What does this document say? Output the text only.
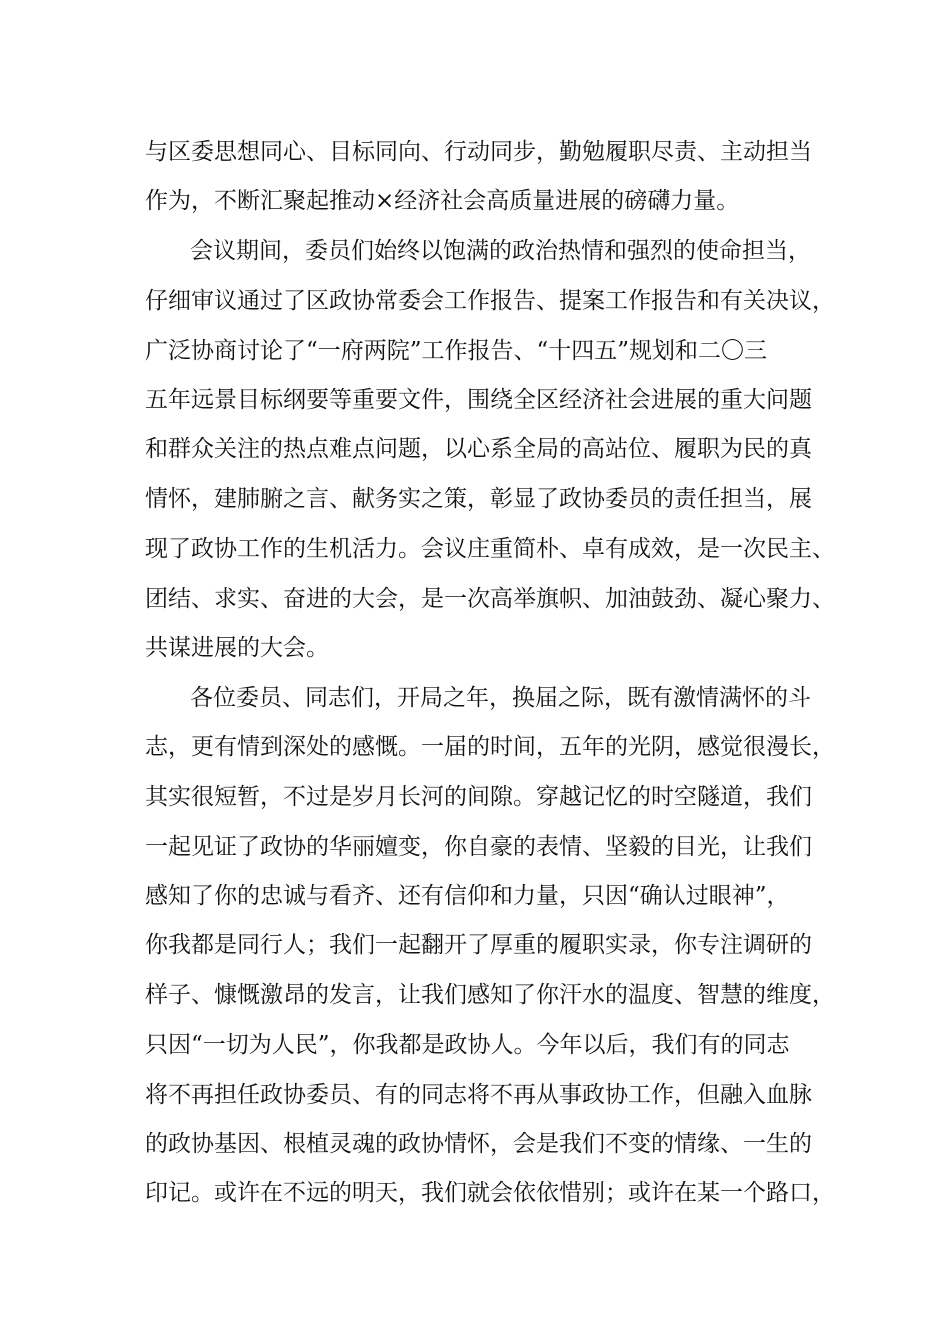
与区委思想同心、目标同向、行动同步，勤勉履职尽责、主动担当
作为，不断汇聚起推动×经济社会高质量进展的磅礴力量。
会议期间，委员们始终以饱满的政治热情和强烈的使命担当，
仔细审议通过了区政协常委会工作报告、提案工作报告和有关决议，
广泛协商讨论了“一府两院”工作报告、“十四五”规划和二〇三
五年远景目标纲要等重要文件，围绕全区经济社会进展的重大问题
和群众关注的热点难点问题，以心系全局的高站位、履职为民的真
情怀，建肺腑之言、献务实之策，彰显了政协委员的责任担当，展
现了政协工作的生机活力。会议庄重简朴、卓有成效，是一次民主、
团结、求实、奋进的大会，是一次高举旗帜、加油鼓劲、凝心聚力、
共谋进展的大会。
各位委员、同志们，开局之年，换届之际，既有激情满怀的斗
志，更有情到深处的感慨。一届的时间，五年的光阴，感觉很漫长，
其实很短暂，不过是岁月长河的间隙。穿越记忆的时空隧道，我们
一起见证了政协的华丽嬗变，你自豪的表情、坚毅的目光，让我们
感知了你的忠诚与看齐、还有信仰和力量，只因“确认过眼神”，
你我都是同行人；我们一起翻开了厚重的履职实录，你专注调研的
样子、慷慨激昂的发言，让我们感知了你汗水的温度、智慧的维度，
只因“一切为人民”，你我都是政协人。今年以后，我们有的同志
将不再担任政协委员、有的同志将不再从事政协工作，但融入血脉
的政协基因、根植灵魂的政协情怀，会是我们不变的情缘、一生的
印记。或许在不远的明天，我们就会依依惜别；或许在某一个路口，
